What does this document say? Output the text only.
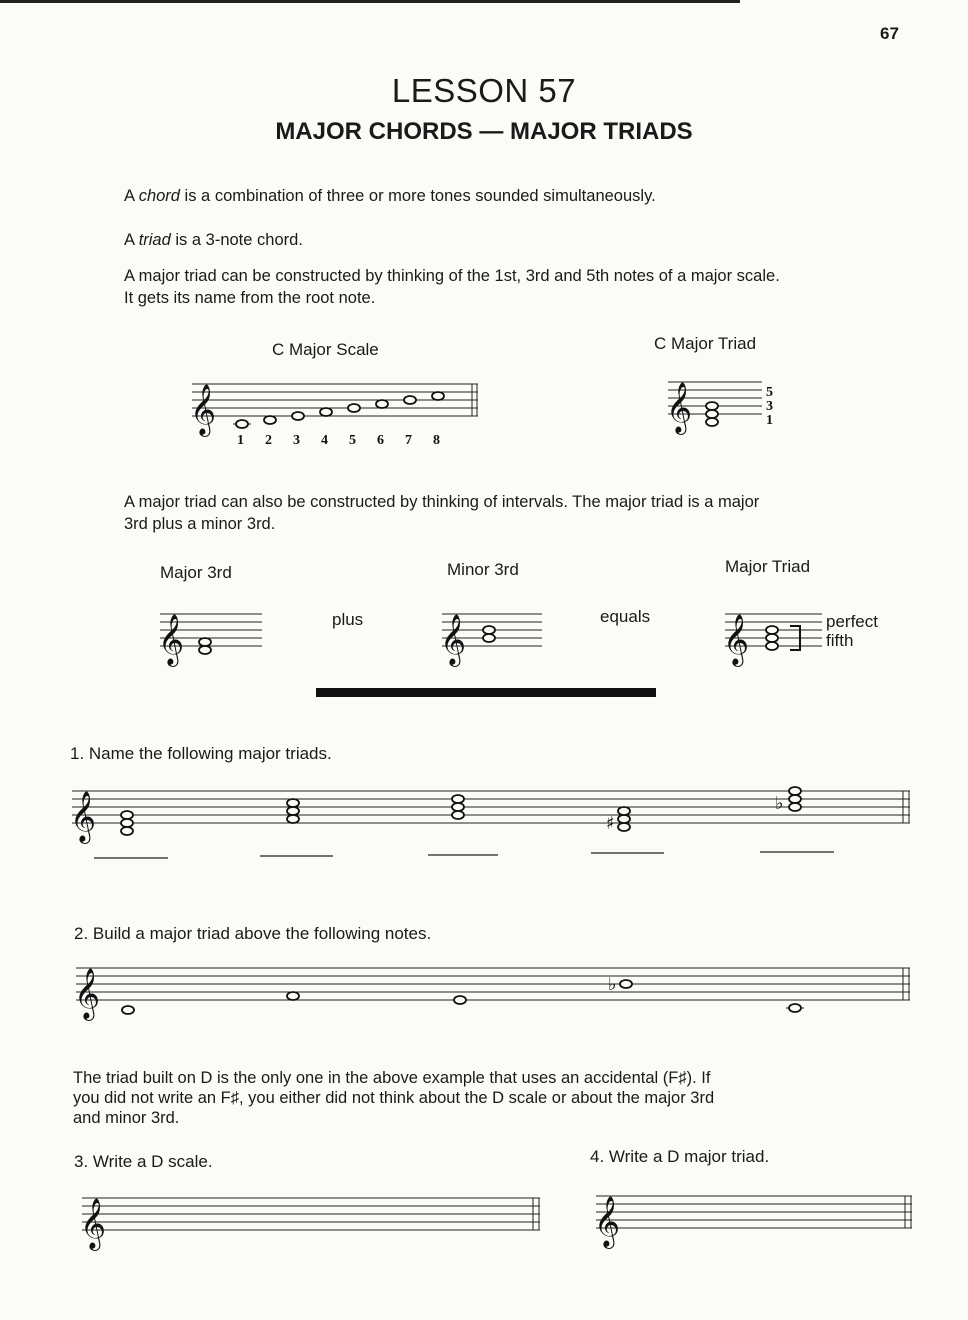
67
LESSON 57
MAJOR CHORDS — MAJOR TRIADS
A chord is a combination of three or more tones sounded simultaneously.
A triad is a 3-note chord.
A major triad can be constructed by thinking of the 1st, 3rd and 5th notes of a major scale.
It gets its name from the root note.
C Major Scale	C Major Triad
𝄞
1 2 3 4 5 6 7 8
𝄞	5
3
1
𝄞	𝄞	𝄞
𝄞	♯
♭
𝄞	♭
𝄞	𝄞
A major triad can also be constructed by thinking of intervals. The major triad is a major
3rd plus a minor 3rd.
Major 3rd	Minor 3rd	Major Triad
plus	equals	perfect
fifth
1. Name the following major triads.
2. Build a major triad above the following notes.
The triad built on D is the only one in the above example that uses an accidental (F♯). If
you did not write an F♯, you either did not think about the D scale or about the major 3rd
and minor 3rd.
3. Write a D scale.	4. Write a D major triad.
